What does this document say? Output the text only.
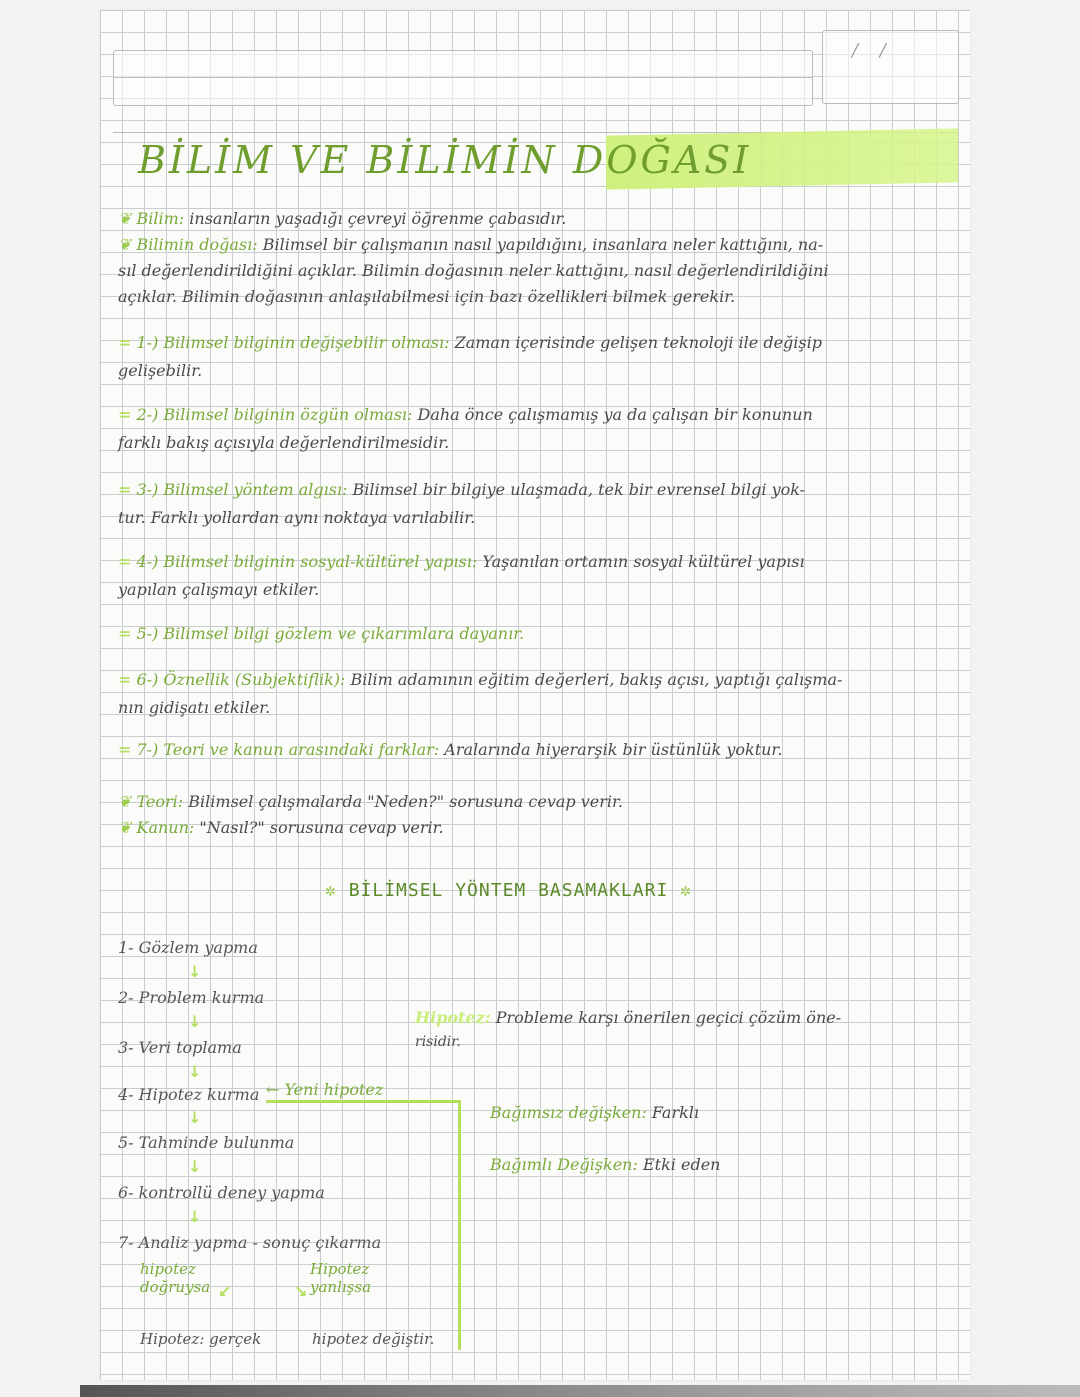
/ /
BİLİM VE BİLİMİN DOĞASI
❦ Bilim: insanların yaşadığı çevreyi öğrenme çabasıdır.
❦ Bilimin doğası: Bilimsel bir çalışmanın nasıl yapıldığını, insanlara neler kattığını, na-
sıl değerlendirildiğini açıklar. Bilimin doğasının neler kattığını, nasıl değerlendirildiğini
açıklar. Bilimin doğasının anlaşılabilmesi için bazı özellikleri bilmek gerekir.
= 1-) Bilimsel bilginin değişebilir olması: Zaman içerisinde gelişen teknoloji ile değişip
gelişebilir.
= 2-) Bilimsel bilginin özgün olması: Daha önce çalışmamış ya da çalışan bir konunun
farklı bakış açısıyla değerlendirilmesidir.
= 3-) Bilimsel yöntem algısı: Bilimsel bir bilgiye ulaşmada, tek bir evrensel bilgi yok-
tur. Farklı yollardan aynı noktaya varılabilir.
= 4-) Bilimsel bilginin sosyal-kültürel yapısı: Yaşanılan ortamın sosyal kültürel yapısı
yapılan çalışmayı etkiler.
= 5-) Bilimsel bilgi gözlem ve çıkarımlara dayanır.
= 6-) Öznellik (Subjektiflik): Bilim adamının eğitim değerleri, bakış açısı, yaptığı çalışma-
nın gidişatı etkiler.
= 7-) Teori ve kanun arasındaki farklar: Aralarında hiyerarşik bir üstünlük yoktur.
❦ Teori: Bilimsel çalışmalarda "Neden?" sorusuna cevap verir.
❦ Kanun: "Nasıl?" sorusuna cevap verir.
✲ BİLİMSEL YÖNTEM BASAMAKLARI ✲
1- Gözlem yapma
↓
2- Problem kurma
↓
3- Veri toplama
↓
4- Hipotez kurma ← Yeni hipotez
↓
5- Tahminde bulunma
↓
6- kontrollü deney yapma
↓
7- Analiz yapma - sonuç çıkarma
hipotez
doğruysa ↙
Hipotez
yanlışsa
↘
Hipotez: gerçek	hipotez değiştir.
Hipotez: Probleme karşı önerilen geçici çözüm öne-
risidir.
Bağımsız değişken: Farklı
Bağımlı Değişken: Etki eden
